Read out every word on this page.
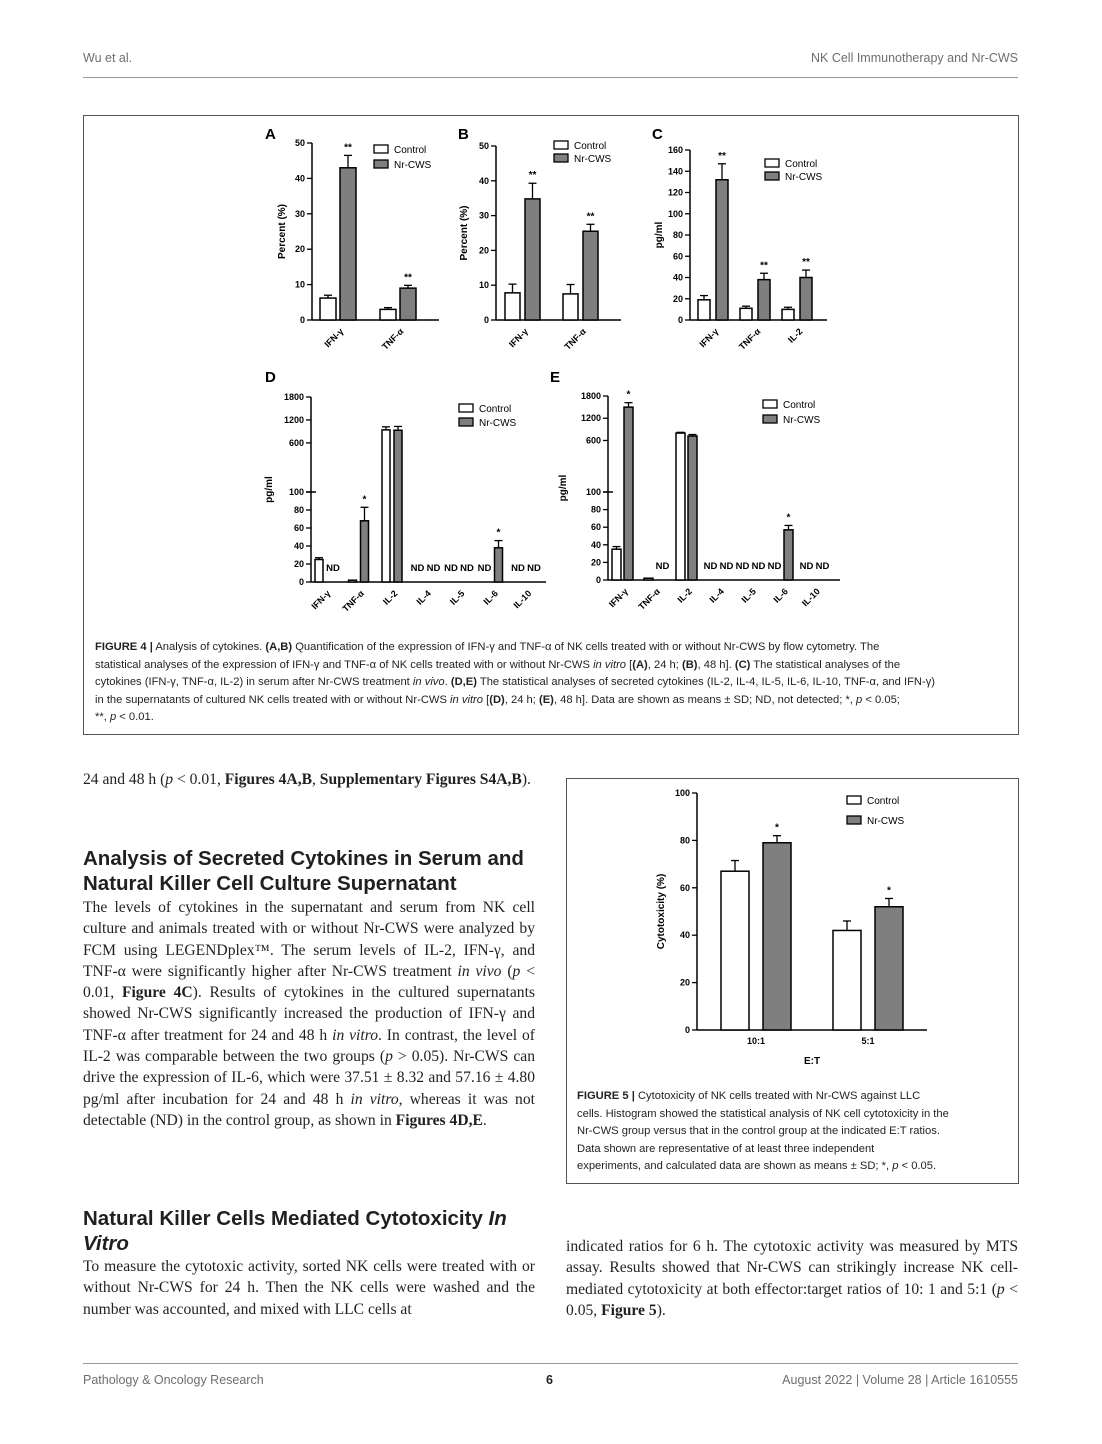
Wu et al.	NK Cell Immunotherapy and Nr-CWS
A
0
10
20
30
40
50
Percent (%)
**
IFN-γ
**
TNF-α
Control
Nr-CWS
B
0
10
20
30
40
50
Percent (%)
**
IFN-γ
**
TNF-α
Control
Nr-CWS
C
0
20
40
60
80
100
120
140
160
pg/ml
**
IFN-γ
**
TNF-α
**
IL-2
Control
Nr-CWS
D
0
20
40
60
80
100
600
1200
1800
pg/ml
ND
IFN-γ
*
TNF-α IL-2
ND ND
IL-4
ND ND
IL-5
ND
*
IL-6
ND ND
IL-10
Control
Nr-CWS
E
0
20
40
60
80
100
600
1200
1800
pg/ml
*
IFN-γ
ND
TNF-α IL-2
ND ND
IL-4
ND ND
IL-5
ND
*
IL-6
ND ND
IL-10
Control
Nr-CWS
FIGURE 4 | Analysis of cytokines. (A,B) Quantification of the expression of IFN-γ and TNF-α of NK cells treated with or without Nr-CWS by flow cytometry. The
statistical analyses of the expression of IFN-γ and TNF-α of NK cells treated with or without Nr-CWS in vitro [(A), 24 h; (B), 48 h]. (C) The statistical analyses of the
cytokines (IFN-γ, TNF-α, IL-2) in serum after Nr-CWS treatment in vivo. (D,E) The statistical analyses of secreted cytokines (IL-2, IL-4, IL-5, IL-6, IL-10, TNF-α, and IFN-γ)
in the supernatants of cultured NK cells treated with or without Nr-CWS in vitro [(D), 24 h; (E), 48 h]. Data are shown as means ± SD; ND, not detected; *, p < 0.05;
**, p < 0.01.
0
20
40
60
80
100
Cytotoxicity (%)
*
10:1
*
5:1
E:T
Control
Nr-CWS
FIGURE 5 | Cytotoxicity of NK cells treated with Nr-CWS against LLC
cells. Histogram showed the statistical analysis of NK cell cytotoxicity in the
Nr-CWS group versus that in the control group at the indicated E:T ratios.
Data shown are representative of at least three independent
experiments, and calculated data are shown as means ± SD; *, p < 0.05.
24 and 48 h (p < 0.01, Figures 4A,B, Supplementary Figures S4A,B).
Analysis of Secreted Cytokines in Serum and Natural Killer Cell Culture Supernatant
The levels of cytokines in the supernatant and serum from NK cell culture and animals treated with or without Nr-CWS were analyzed by FCM using LEGENDplex™. The serum levels of IL-2, IFN-γ, and TNF-α were significantly higher after Nr-CWS treatment in vivo (p < 0.01, Figure 4C). Results of cytokines in the cultured supernatants showed Nr-CWS significantly increased the production of IFN-γ and TNF-α after treatment for 24 and 48 h in vitro. In contrast, the level of IL-2 was comparable between the two groups (p > 0.05). Nr-CWS can drive the expression of IL-6, which were 37.51 ± 8.32 and 57.16 ± 4.80 pg/ml after incubation for 24 and 48 h in vitro, whereas it was not detectable (ND) in the control group, as shown in Figures 4D,E.
Natural Killer Cells Mediated Cytotoxicity In Vitro
To measure the cytotoxic activity, sorted NK cells were treated with or without Nr-CWS for 24 h. Then the NK cells were washed and the number was accounted, and mixed with LLC cells at
indicated ratios for 6 h. The cytotoxic activity was measured by MTS assay. Results showed that Nr-CWS can strikingly increase NK cell-mediated cytotoxicity at both effector:target ratios of 10: 1 and 5:1 (p < 0.05, Figure 5).
Pathology & Oncology Research	6	August 2022 | Volume 28 | Article 1610555
